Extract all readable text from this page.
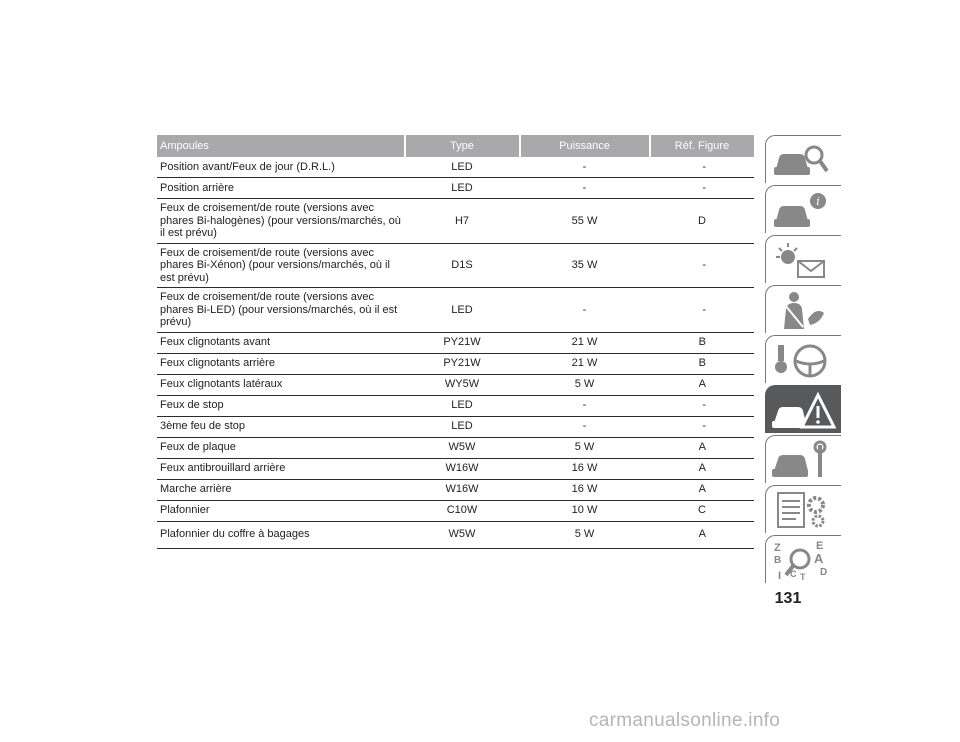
Ampoules	Type	Puissance	Réf. Figure
Position avant/Feux de jour (D.R.L.)	LED	-	-
Position arrière	LED	-	-
Feux de croisement/de route (versions avec phares Bi-halogènes) (pour versions/marchés, où il est prévu)	H7	55 W	D
Feux de croisement/de route (versions avec phares Bi-Xénon) (pour versions/marchés, où il est prévu)	D1S	35 W	-
Feux de croisement/de route (versions avec phares Bi-LED) (pour versions/marchés, où il est prévu)	LED	-	-
Feux clignotants avant	PY21W	21 W	B
Feux clignotants arrière	PY21W	21 W	B
Feux clignotants latéraux	WY5W	5 W	A
Feux de stop	LED	-	-
3ème feu de stop	LED	-	-
Feux de plaque	W5W	5 W	A
Feux antibrouillard arrière	W16W	16 W	A
Marche arrière	W16W	16 W	A
Plafonnier	C10W	10 W	C
Plafonnier du coffre à bagages	W5W	5 W	A
i
Z	E
B	A
I C D
T
131
carmanualsonline.info
